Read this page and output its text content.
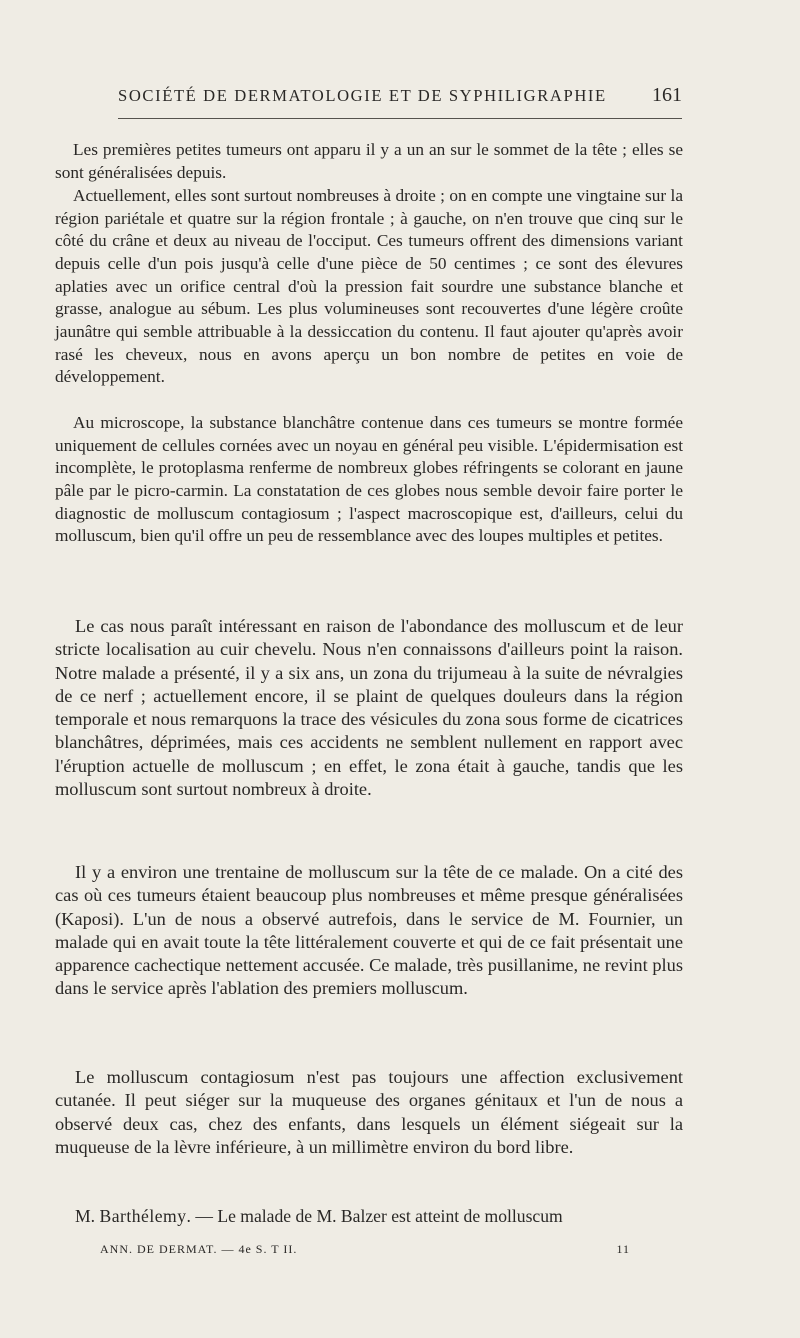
SOCIÉTÉ DE DERMATOLOGIE ET DE SYPHILIGRAPHIE 161

Les premières petites tumeurs ont apparu il y a un an sur le sommet de la tête ; elles se sont généralisées depuis.

Actuellement, elles sont surtout nombreuses à droite ; on en compte une vingtaine sur la région pariétale et quatre sur la région frontale ; à gauche, on n'en trouve que cinq sur le côté du crâne et deux au niveau de l'occiput. Ces tumeurs offrent des dimensions variant depuis celle d'un pois jusqu'à celle d'une pièce de 50 centimes ; ce sont des élevures aplaties avec un orifice central d'où la pression fait sourdre une substance blanche et grasse, analogue au sébum. Les plus volumineuses sont recouvertes d'une légère croûte jaunâtre qui semble attribuable à la dessiccation du contenu. Il faut ajouter qu'après avoir rasé les cheveux, nous en avons aperçu un bon nombre de petites en voie de développement.

Au microscope, la substance blanchâtre contenue dans ces tumeurs se montre formée uniquement de cellules cornées avec un noyau en général peu visible. L'épidermisation est incomplète, le protoplasma renferme de nombreux globes réfringents se colorant en jaune pâle par le picro-carmin. La constatation de ces globes nous semble devoir faire porter le diagnostic de molluscum contagiosum ; l'aspect macroscopique est, d'ailleurs, celui du molluscum, bien qu'il offre un peu de ressemblance avec des loupes multiples et petites.

Le cas nous paraît intéressant en raison de l'abondance des molluscum et de leur stricte localisation au cuir chevelu. Nous n'en connaissons d'ailleurs point la raison. Notre malade a présenté, il y a six ans, un zona du trijumeau à la suite de névralgies de ce nerf ; actuellement encore, il se plaint de quelques douleurs dans la région temporale et nous remarquons la trace des vésicules du zona sous forme de cicatrices blanchâtres, déprimées, mais ces accidents ne semblent nullement en rapport avec l'éruption actuelle de molluscum ; en effet, le zona était à gauche, tandis que les molluscum sont surtout nombreux à droite.

Il y a environ une trentaine de molluscum sur la tête de ce malade. On a cité des cas où ces tumeurs étaient beaucoup plus nombreuses et même presque généralisées (Kaposi). L'un de nous a observé autrefois, dans le service de M. Fournier, un malade qui en avait toute la tête littéralement couverte et qui de ce fait présentait une apparence cachectique nettement accusée. Ce malade, très pusillanime, ne revint plus dans le service après l'ablation des premiers molluscum.

Le molluscum contagiosum n'est pas toujours une affection exclusivement cutanée. Il peut siéger sur la muqueuse des organes génitaux et l'un de nous a observé deux cas, chez des enfants, dans lesquels un élément siégeait sur la muqueuse de la lèvre inférieure, à un millimètre environ du bord libre.

M. Barthélemy. — Le malade de M. Balzer est atteint de molluscum
ANN. DE DERMAT. — 4e S. T II.	11
